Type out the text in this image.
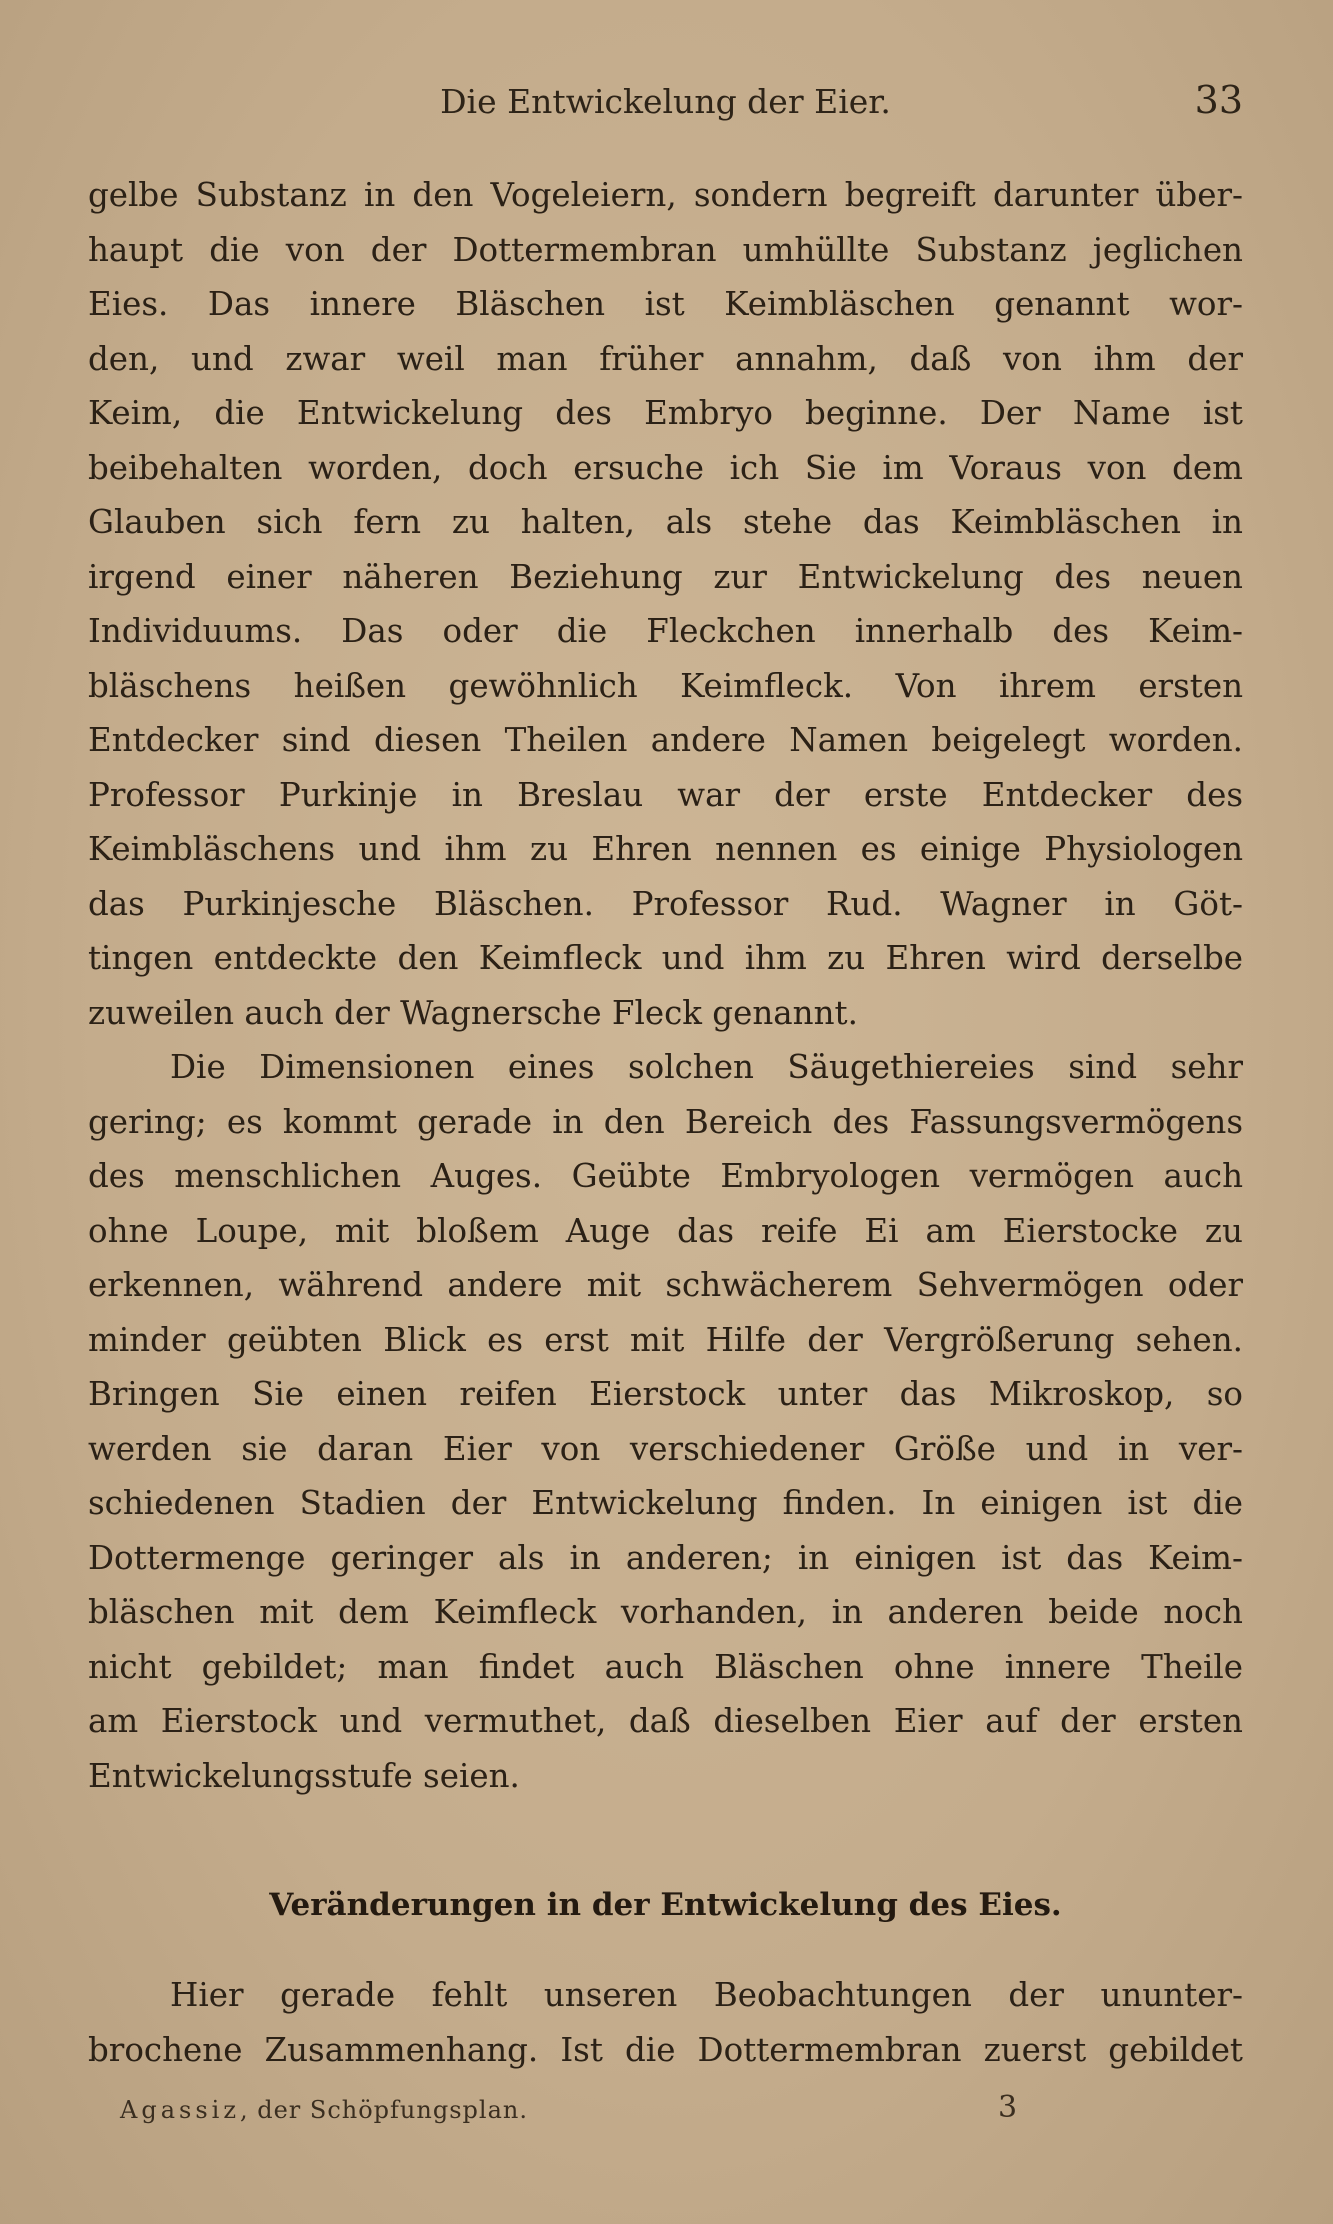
Die Entwickelung der Eier.	33
gelbe Substanz in den Vogeleiern, sondern begreift darunter über-
haupt die von der Dottermembran umhüllte Substanz jeglichen
Eies. Das innere Bläschen ist Keimbläschen genannt wor-
den, und zwar weil man früher annahm, daß von ihm der
Keim, die Entwickelung des Embryo beginne. Der Name ist
beibehalten worden, doch ersuche ich Sie im Voraus von dem
Glauben sich fern zu halten, als stehe das Keimbläschen in
irgend einer näheren Beziehung zur Entwickelung des neuen
Individuums. Das oder die Fleckchen innerhalb des Keim-
bläschens heißen gewöhnlich Keimfleck. Von ihrem ersten
Entdecker sind diesen Theilen andere Namen beigelegt worden.
Professor Purkinje in Breslau war der erste Entdecker des
Keimbläschens und ihm zu Ehren nennen es einige Physiologen
das Purkinjesche Bläschen. Professor Rud. Wagner in Göt-
tingen entdeckte den Keimfleck und ihm zu Ehren wird derselbe
zuweilen auch der Wagnersche Fleck genannt.
Die Dimensionen eines solchen Säugethiereies sind sehr
gering; es kommt gerade in den Bereich des Fassungsvermögens
des menschlichen Auges. Geübte Embryologen vermögen auch
ohne Loupe, mit bloßem Auge das reife Ei am Eierstocke zu
erkennen, während andere mit schwächerem Sehvermögen oder
minder geübten Blick es erst mit Hilfe der Vergrößerung sehen.
Bringen Sie einen reifen Eierstock unter das Mikroskop, so
werden sie daran Eier von verschiedener Größe und in ver-
schiedenen Stadien der Entwickelung finden. In einigen ist die
Dottermenge geringer als in anderen; in einigen ist das Keim-
bläschen mit dem Keimfleck vorhanden, in anderen beide noch
nicht gebildet; man findet auch Bläschen ohne innere Theile
am Eierstock und vermuthet, daß dieselben Eier auf der ersten
Entwickelungsstufe seien.
Veränderungen in der Entwickelung des Eies.
Hier gerade fehlt unseren Beobachtungen der ununter-
brochene Zusammenhang. Ist die Dottermembran zuerst gebildet
Agassiz, der Schöpfungsplan.	3
